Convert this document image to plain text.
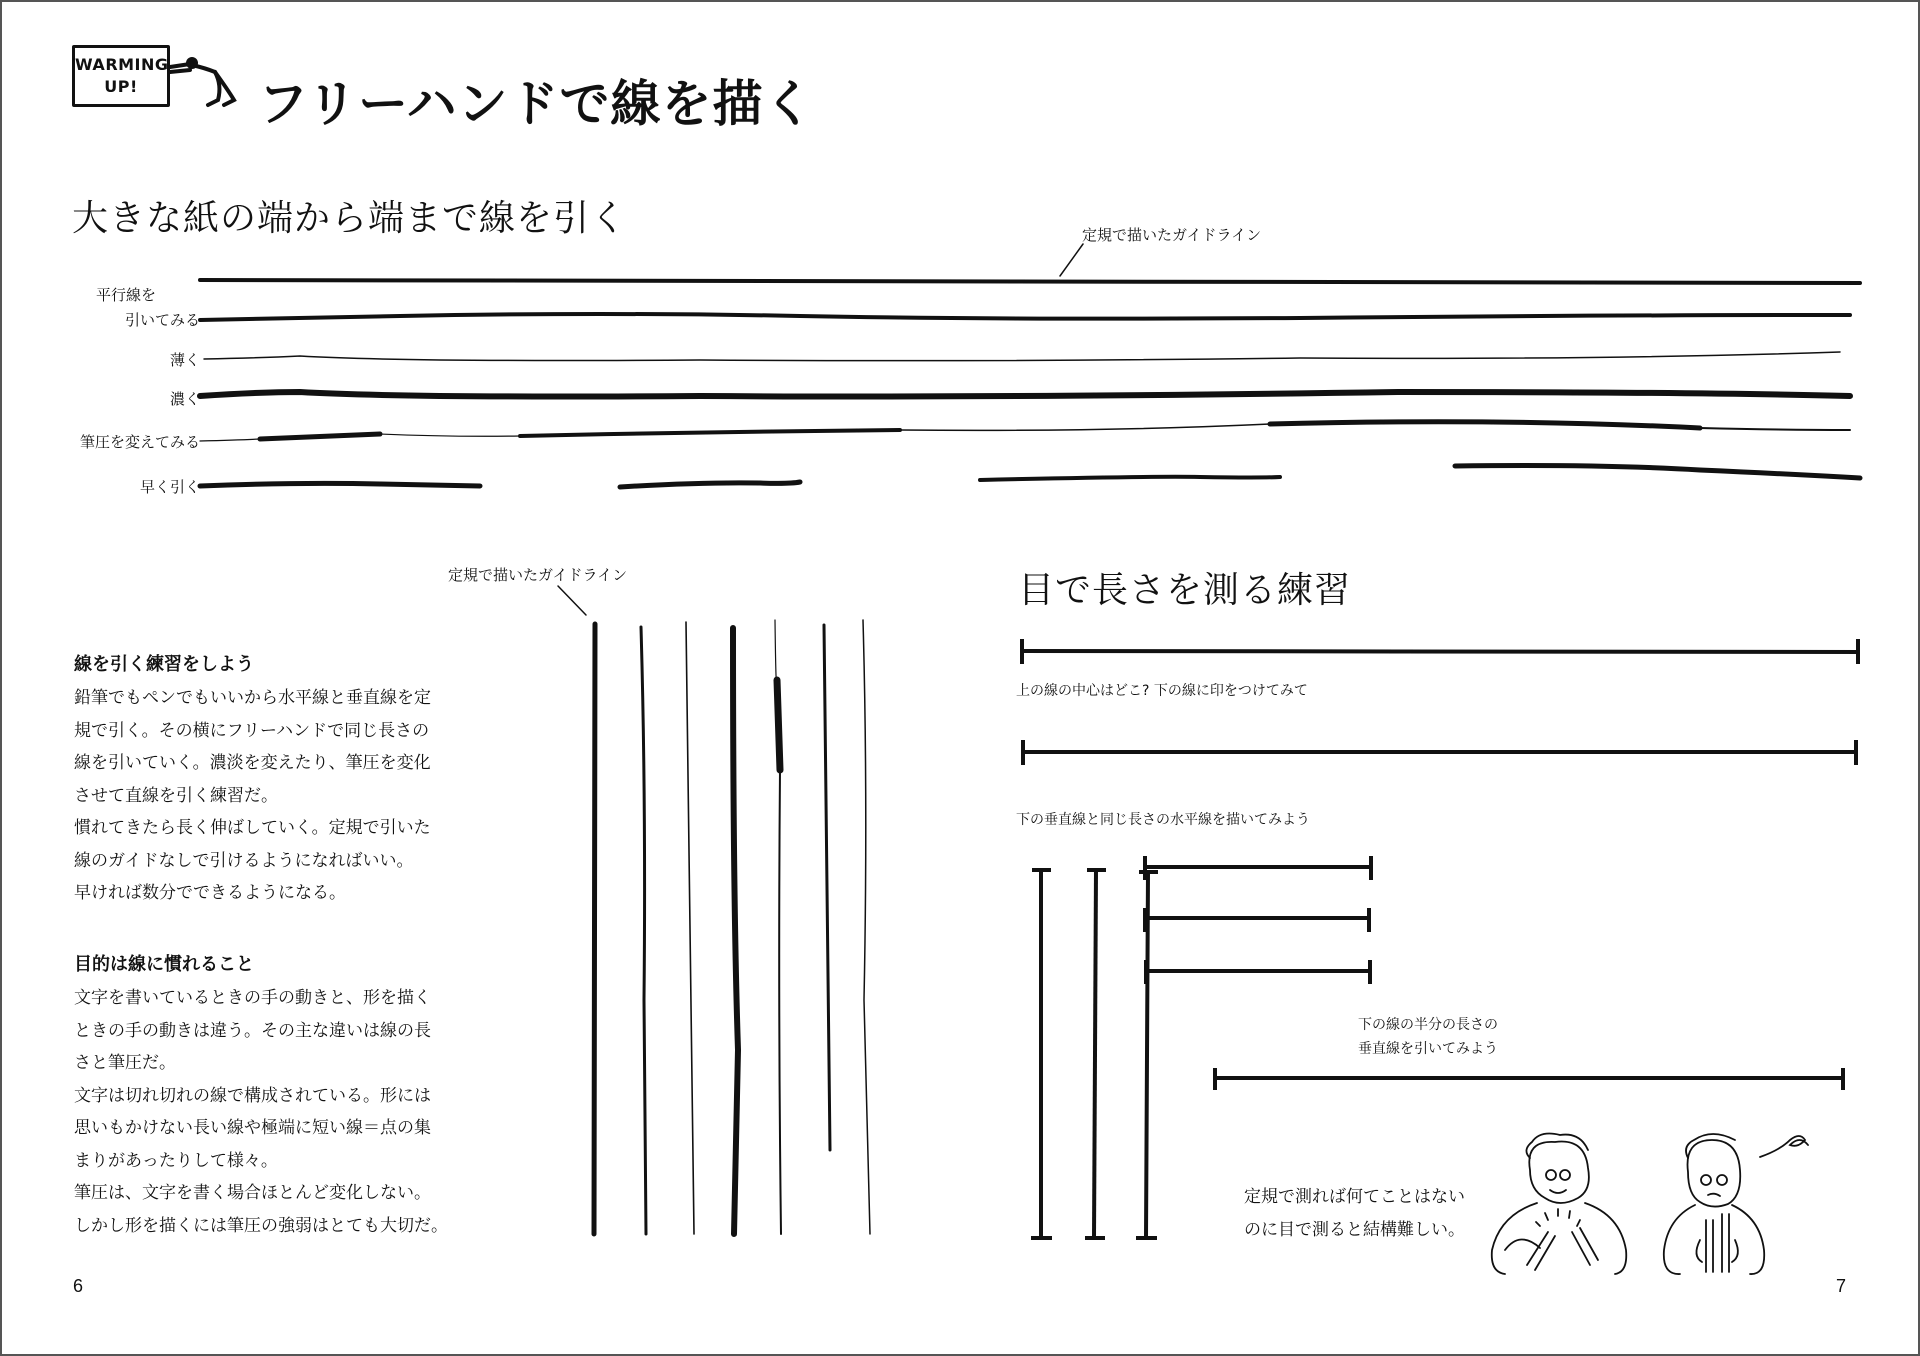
WARMING
UP!	フリーハンドで線を描く
大きな紙の端から端まで線を引く	定規で描いたガイドライン
平行線を
引いてみる
薄く
濃く
筆圧を変えてみる
早く引く
定規で描いたガイドライン
線を引く練習をしよう
鉛筆でもペンでもいいから水平線と垂直線を定
規で引く。その横にフリーハンドで同じ長さの
線を引いていく。濃淡を変えたり、筆圧を変化
させて直線を引く練習だ。
慣れてきたら長く伸ばしていく。定規で引いた
線のガイドなしで引けるようになればいい。
早ければ数分でできるようになる。
目的は線に慣れること
文字を書いているときの手の動きと、形を描く
ときの手の動きは違う。その主な違いは線の長
さと筆圧だ。
文字は切れ切れの線で構成されている。形には
思いもかけない長い線や極端に短い線＝点の集
まりがあったりして様々。
筆圧は、文字を書く場合ほとんど変化しない。
しかし形を描くには筆圧の強弱はとても大切だ。
目で長さを測る練習
上の線の中心はどこ? 下の線に印をつけてみて
下の垂直線と同じ長さの水平線を描いてみよう
下の線の半分の長さの
垂直線を引いてみよう
定規で測れば何てことはない
のに目で測ると結構難しい。
6	7
